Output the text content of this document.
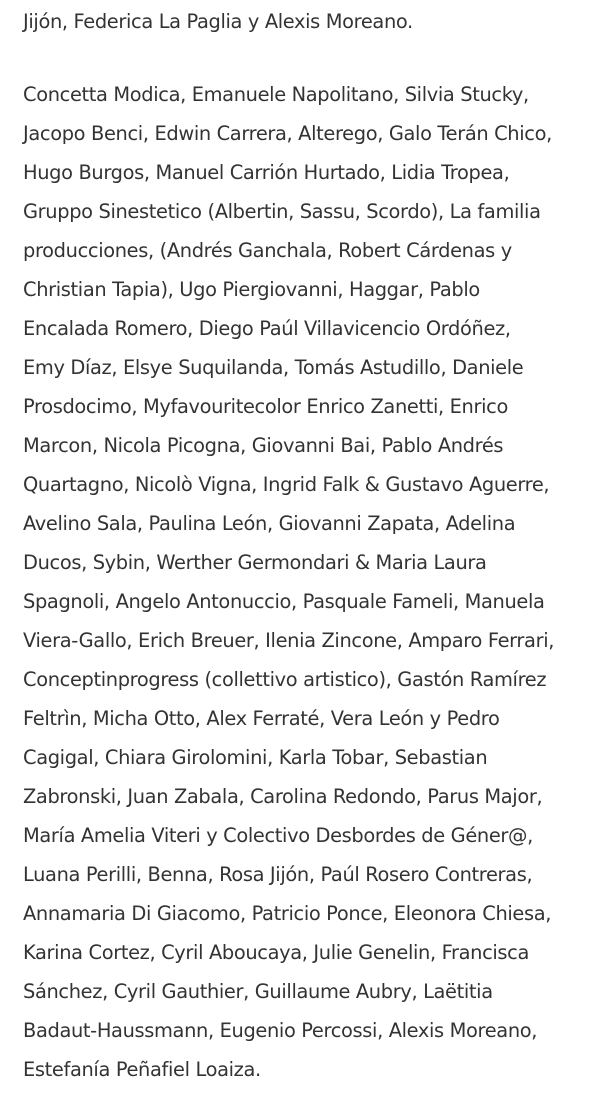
Jijón, Federica La Paglia y Alexis Moreano.

Concetta Modica, Emanuele Napolitano, Silvia Stucky,
Jacopo Benci, Edwin Carrera, Alterego, Galo Terán Chico,
Hugo Burgos, Manuel Carrión Hurtado, Lidia Tropea,
Gruppo Sinestetico (Albertin, Sassu, Scordo), La familia
producciones, (Andrés Ganchala, Robert Cárdenas y
Christian Tapia), Ugo Piergiovanni, Haggar, Pablo
Encalada Romero, Diego Paúl Villavicencio Ordóñez,
Emy Díaz, Elsye Suquilanda, Tomás Astudillo, Daniele
Prosdocimo, Myfavouritecolor Enrico Zanetti, Enrico
Marcon, Nicola Picogna, Giovanni Bai, Pablo Andrés
Quartagno, Nicolò Vigna, Ingrid Falk & Gustavo Aguerre,
Avelino Sala, Paulina León, Giovanni Zapata, Adelina
Ducos, Sybin, Werther Germondari & Maria Laura
Spagnoli, Angelo Antonuccio, Pasquale Fameli, Manuela
Viera-Gallo, Erich Breuer, Ilenia Zincone, Amparo Ferrari,
Conceptinprogress (collettivo artistico), Gastón Ramírez
Feltrìn, Micha Otto, Alex Ferraté, Vera León y Pedro
Cagigal, Chiara Girolomini, Karla Tobar, Sebastian
Zabronski, Juan Zabala, Carolina Redondo, Parus Major,
María Amelia Viteri y Colectivo Desbordes de Géner@,
Luana Perilli, Benna, Rosa Jijón, Paúl Rosero Contreras,
Annamaria Di Giacomo, Patricio Ponce, Eleonora Chiesa,
Karina Cortez, Cyril Aboucaya, Julie Genelin, Francisca
Sánchez, Cyril Gauthier, Guillaume Aubry, Laëtitia
Badaut-Haussmann, Eugenio Percossi, Alexis Moreano,
Estefanía Peñafiel Loaiza.
